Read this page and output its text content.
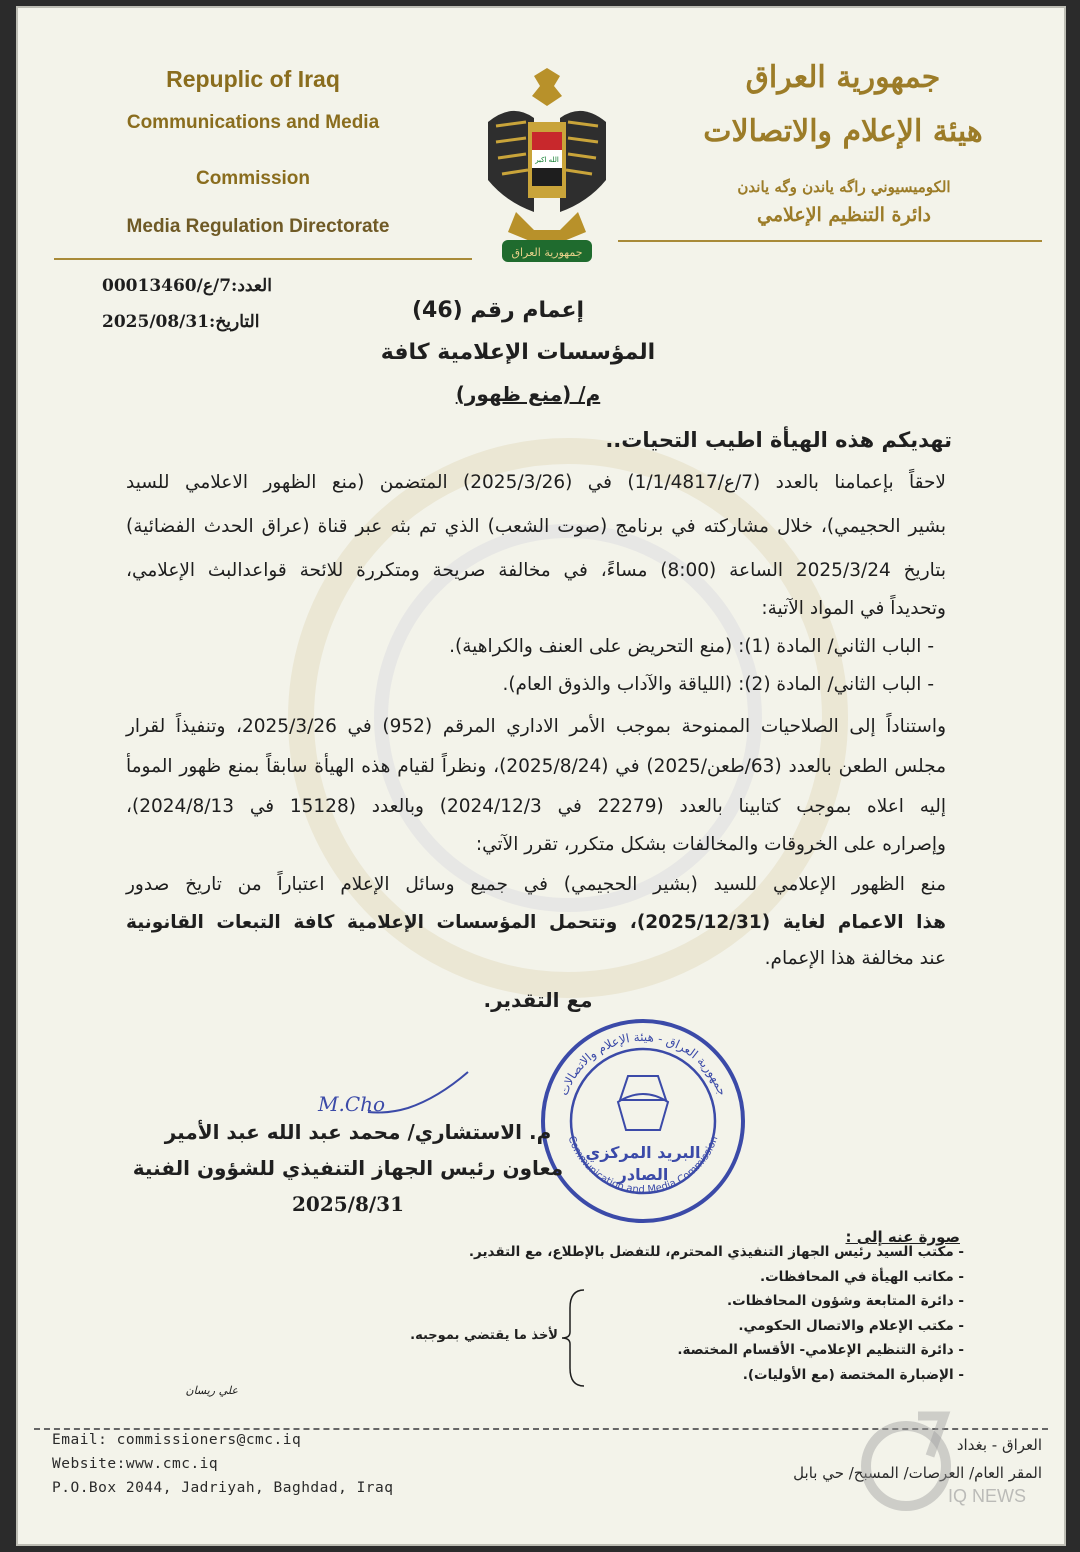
Repuplic of Iraq
Communications and Media
Commission
Media Regulation Directorate
الله اكبر
جمهورية العراق
جمهورية العراق
هيئة الإعلام والاتصالات
الكوميسيوني راگه ياندن وگه ياندن
دائرة التنظيم الإعلامي
العدد:7/ع/00013460
التاريخ:2025/08/31	إعمام رقم (46)
المؤسسات الإعلامية كافة
م/ (منع ظهور)
تهديكم هذه الهيأة اطيب التحيات..
لاحقاً بإعمامنا بالعدد (7/ع/1/1/4817) في (2025/3/26) المتضمن (منع الظهور الاعلامي للسيد
بشير الحجيمي)، خلال مشاركته في برنامج (صوت الشعب) الذي تم بثه عبر قناة (عراق الحدث الفضائية)
بتاريخ 2025/3/24 الساعة (8:00) مساءً، في مخالفة صريحة ومتكررة للائحة قواعدالبث الإعلامي،
وتحديداً في المواد الآتية:
- الباب الثاني/ المادة (1): (منع التحريض على العنف والكراهية).
- الباب الثاني/ المادة (2): (اللياقة والآداب والذوق العام).
واستناداً إلى الصلاحيات الممنوحة بموجب الأمر الاداري المرقم (952) في 2025/3/26، وتنفيذاً لقرار
مجلس الطعن بالعدد (63/طعن/2025) في (2025/8/24)، ونظراً لقيام هذه الهيأة سابقاً بمنع ظهور المومأ
إليه اعلاه بموجب كتابينا بالعدد (22279 في 2024/12/3) وبالعدد (15128 في 2024/8/13)،
وإصراره على الخروقات والمخالفات بشكل متكرر، تقرر الآتي:
منع الظهور الإعلامي للسيد (بشير الحجيمي) في جميع وسائل الإعلام اعتباراً من تاريخ صدور
هذا الاعمام لغاية (2025/12/31)، وتتحمل المؤسسات الإعلامية كافة التبعات القانونية
عند مخالفة هذا الإعمام.
مع التقدير.
البريد المركزي
الصادر
جمهورية العراق - هيئة الإعلام والاتصالات
Communication and Media Commission
M.Cho
م. الاستشاري/ محمد عبد الله عبد الأمير
معاون رئيس الجهاز التنفيذي للشؤون الفنية
2025/8/31
صورة عنه إلى :
- مكتب السيد رئيس الجهاز التنفيذي المحترم، للتفضل بالإطلاع، مع التقدير.
- مكاتب الهيأة في المحافظات.
- دائرة المتابعة وشؤون المحافظات.
- مكتب الإعلام والاتصال الحكومي.
- دائرة التنظيم الإعلامي- الأقسام المختصة.
- الإضبارة المختصة (مع الأوليات).
لأخذ ما يقتضي بموجبه.
علي ريسان
Email: commissioners@cmc.iq
Website:www.cmc.iq
P.O.Box 2044, Jadriyah, Baghdad, Iraq
العراق - بغداد
المقر العام/ العرصات/ المسبح/ حي بابل
IQ NEWS
